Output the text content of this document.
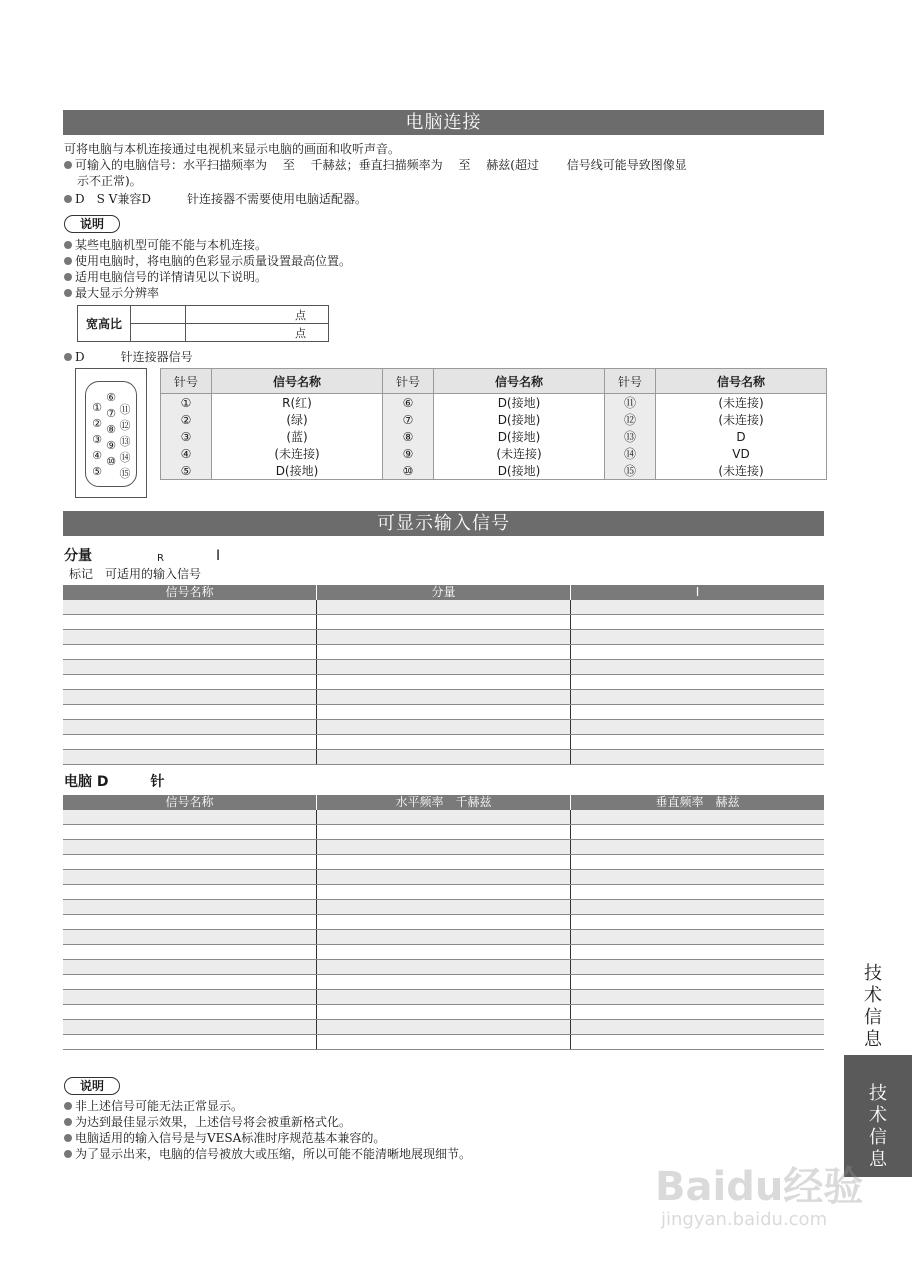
电脑连接
可将电脑与本机连接通过电视机来显示电脑的画面和收听声音。
可输入的电脑信号：水平扫描频率为　 至　 千赫兹；垂直扫描频率为　 至　 赫兹(超过　　 信号线可能导致图像显
示不正常)。
D　S V兼容D　　　针连接器不需要使用电脑适配器。
说明
某些电脑机型可能不能与本机连接。
使用电脑时，将电脑的色彩显示质量设置最高位置。
适用电脑信号的详情请见以下说明。
最大显示分辨率
宽高比		点
		点
D　　　针连接器信号
①
②
③
④
⑤
⑥
⑦
⑧
⑨
⑩
⑪
⑫
⑬
⑭
⑮
针号	信号名称	针号	信号名称	针号	信号名称
①	R(红)	⑥	D(接地)	⑪	(未连接)
②	(绿)	⑦	D(接地)	⑫	(未连接)
③	(蓝)	⑧	D(接地)	⑬	D
④	(未连接)	⑨	(未连接)	⑭	VD
⑤	D(接地)	⑩	D(接地)	⑮	(未连接)
可显示输入信号
分量	R	I
标记　可适用的输入信号
信号名称	分量	I
电脑 D　　　针
信号名称	水平频率　千赫兹	垂直频率　赫兹
说明
非上述信号可能无法正常显示。
为达到最佳显示效果，上述信号将会被重新格式化。
电脑适用的输入信号是与VESA标准时序规范基本兼容的。
为了显示出来，电脑的信号被放大或压缩，所以可能不能清晰地展现细节。
技术信息
技术信息
Baidu经验
jingyan.baidu.com
